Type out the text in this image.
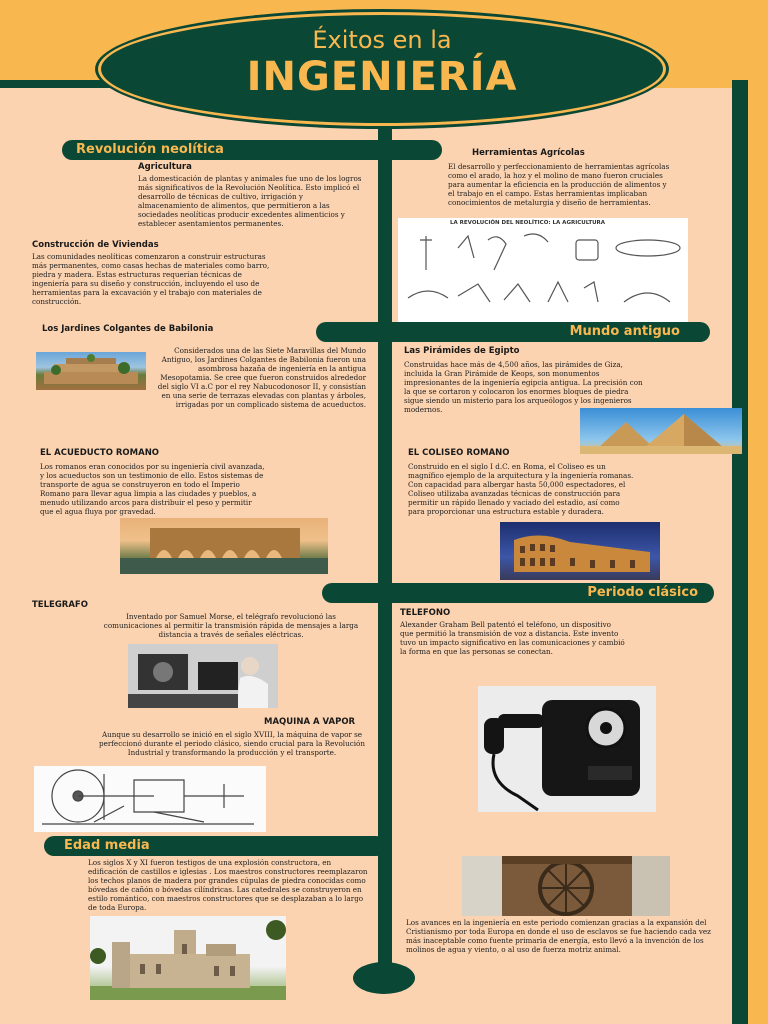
Éxitos en la
INGENIERÍA
Revolución neolítica
Mundo antiguo
Periodo clásico
Edad media
Agricultura
La domesticación de plantas y animales fue uno de los logros más significativos de la Revolución Neolítica. Esto implicó el desarrollo de técnicas de cultivo, irrigación y almacenamiento de alimentos, que permitieron a las sociedades neolíticas producir excedentes alimenticios y establecer asentamientos permanentes.
Herramientas Agrícolas
El desarrollo y perfeccionamiento de herramientas agrícolas como el arado, la hoz y el molino de mano fueron cruciales para aumentar la eficiencia en la producción de alimentos y el trabajo en el campo. Estas herramientas implicaban conocimientos de metalurgia y diseño de herramientas.
LA REVOLUCIÓN DEL NEOLÍTICO: LA AGRICULTURA
Construcción de Viviendas
Las comunidades neolíticas comenzaron a construir estructuras más permanentes, como casas hechas de materiales como barro, piedra y madera. Estas estructuras requerían técnicas de ingeniería para su diseño y construcción, incluyendo el uso de herramientas para la excavación y el trabajo con materiales de construcción.
Los Jardines Colgantes de Babilonia
Considerados una de las Siete Maravillas del Mundo Antiguo, los Jardines Colgantes de Babilonia fueron una asombrosa hazaña de ingeniería en la antigua Mesopotamia. Se cree que fueron construidos alrededor del siglo VI a.C por el rey Nabucodonosor II, y consistían en una serie de terrazas elevadas con plantas y árboles, irrigadas por un complicado sistema de acueductos.
Las Pirámides de Egipto
Construidas hace más de 4,500 años, las pirámides de Giza, incluida la Gran Pirámide de Keops, son monumentos impresionantes de la ingeniería egipcia antigua. La precisión con la que se cortaron y colocaron los enormes bloques de piedra sigue siendo un misterio para los arqueólogos y los ingenieros modernos.
EL ACUEDUCTO ROMANO
Los romanos eran conocidos por su ingeniería civil avanzada, y los acueductos son un testimonio de ello. Estos sistemas de transporte de agua se construyeron en todo el Imperio Romano para llevar agua limpia a las ciudades y pueblos, a menudo utilizando arcos para distribuir el peso y permitir que el agua fluya por gravedad.
EL COLISEO ROMANO
Construido en el siglo I d.C. en Roma, el Coliseo es un magnífico ejemplo de la arquitectura y la ingeniería romanas. Con capacidad para albergar hasta 50,000 espectadores, el Coliseo utilizaba avanzadas técnicas de construcción para permitir un rápido llenado y vaciado del estadio, así como para proporcionar una estructura estable y duradera.
TELEGRAFO
Inventado por Samuel Morse, el telégrafo revolucionó las comunicaciones al permitir la transmisión rápida de mensajes a larga distancia a través de señales eléctricas.
TELEFONO
Alexander Graham Bell patentó el teléfono, un dispositivo que permitió la transmisión de voz a distancia. Este invento tuvo un impacto significativo en las comunicaciones y cambió la forma en que las personas se conectan.
MAQUINA A VAPOR
Aunque su desarrollo se inició en el siglo XVIII, la máquina de vapor se perfeccionó durante el periodo clásico, siendo crucial para la Revolución Industrial y transformando la producción y el transporte.
Los siglos X y XI fueron testigos de una explosión constructora, en edificación de castillos e iglesias . Los maestros constructores reemplazaron los techos planos de madera por grandes cúpulas de piedra conocidas como bóvedas de cañón o bóvedas cilíndricas. Las catedrales se construyeron en estilo romántico, con maestros constructores que se desplazaban a lo largo de toda Europa.
Los avances en la ingeniería en este periodo comienzan gracias a la expansión del Cristianismo por toda Europa en donde el uso de esclavos se fue haciendo cada vez más inaceptable como fuente primaria de energía, esto llevó a la invención de los molinos de agua y viento, o al uso de fuerza motriz animal.
